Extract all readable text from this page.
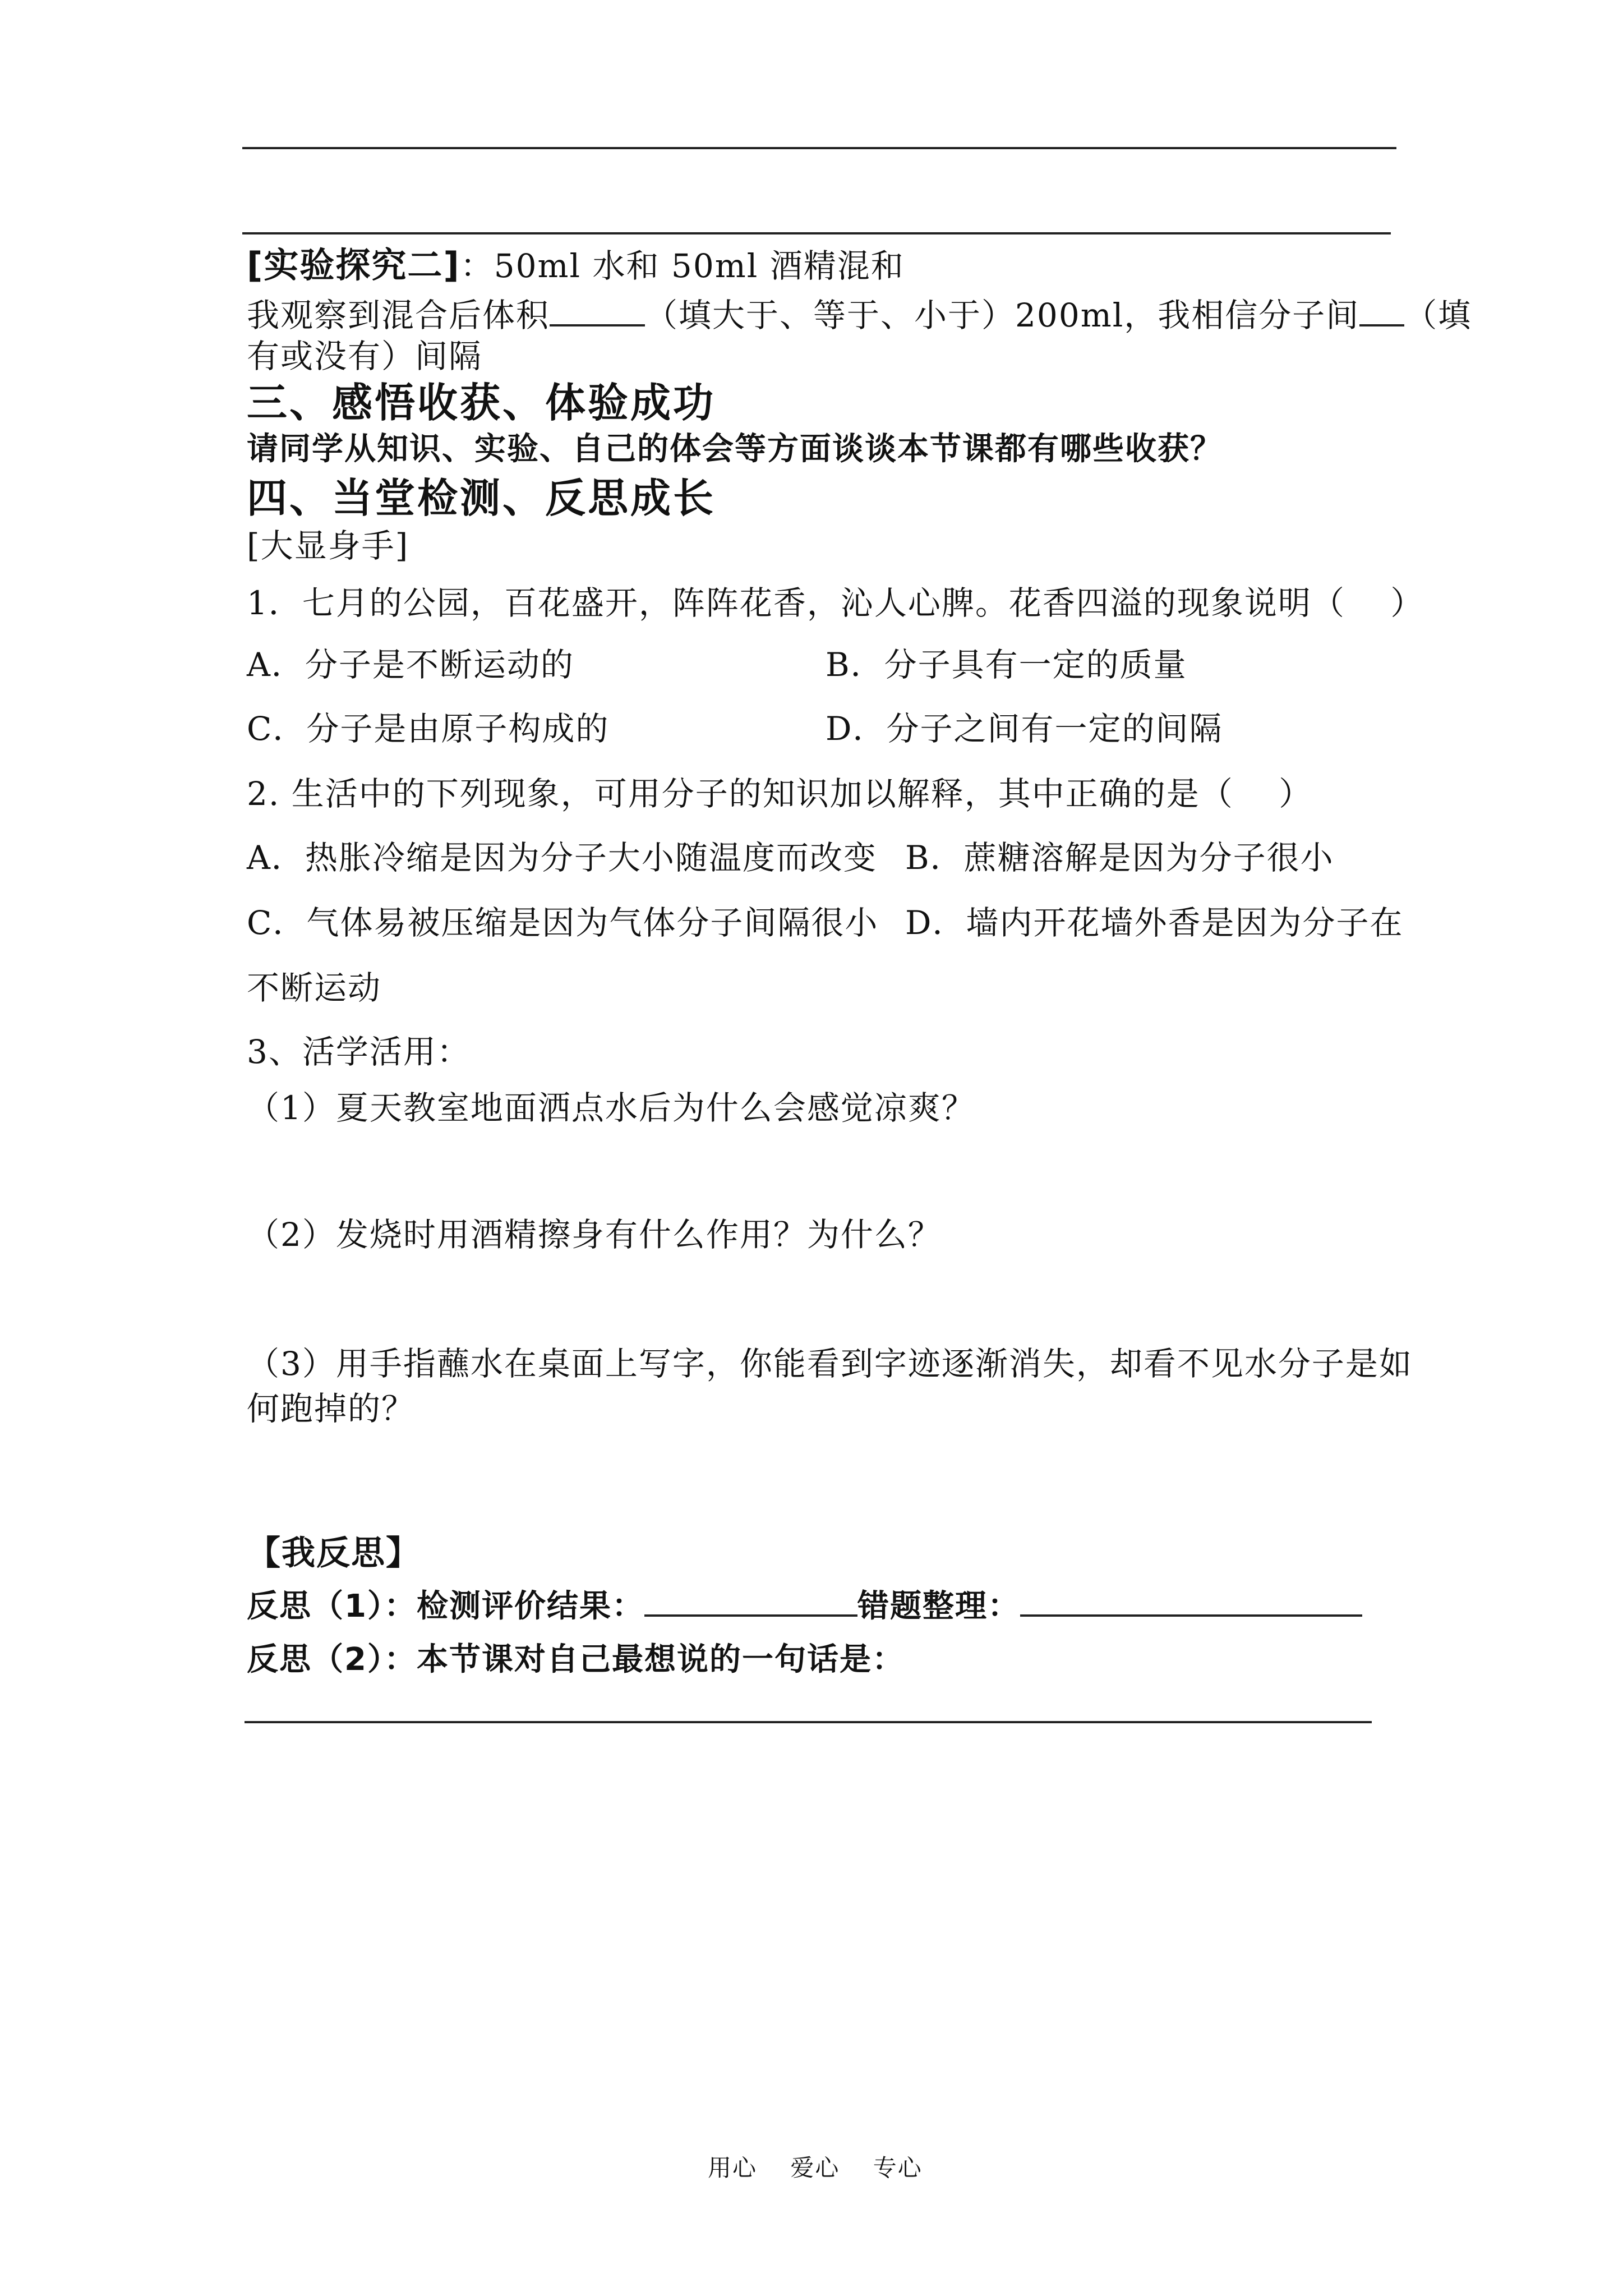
[实验探究二]：50ml 水和 50ml 酒精混和
我观察到混合后体积	（填大于、等于、小于）200ml，我相信分子间 （填
有或没有）间隔
三、感悟收获、体验成功
请同学从知识、实验、自己的体会等方面谈谈本节课都有哪些收获？
四、当堂检测、反思成长
[大显身手]
1．七月的公园，百花盛开，阵阵花香，沁人心脾。花香四溢的现象说明（　 ）
A．分子是不断运动的	B．分子具有一定的质量
C．分子是由原子构成的	D．分子之间有一定的间隔
2. 生活中的下列现象，可用分子的知识加以解释，其中正确的是（　 ）
A．热胀冷缩是因为分子大小随温度而改变 B．蔗糖溶解是因为分子很小
C．气体易被压缩是因为气体分子间隔很小 D．墙内开花墙外香是因为分子在
不断运动
3、活学活用：
（1）夏天教室地面洒点水后为什么会感觉凉爽？
（2）发烧时用酒精擦身有什么作用？为什么？
（3）用手指蘸水在桌面上写字，你能看到字迹逐渐消失，却看不见水分子是如
何跑掉的？
【我反思】
反思（1）：检测评价结果：	错题整理：
反思（2）：本节课对自己最想说的一句话是：
用心　 爱心　 专心
